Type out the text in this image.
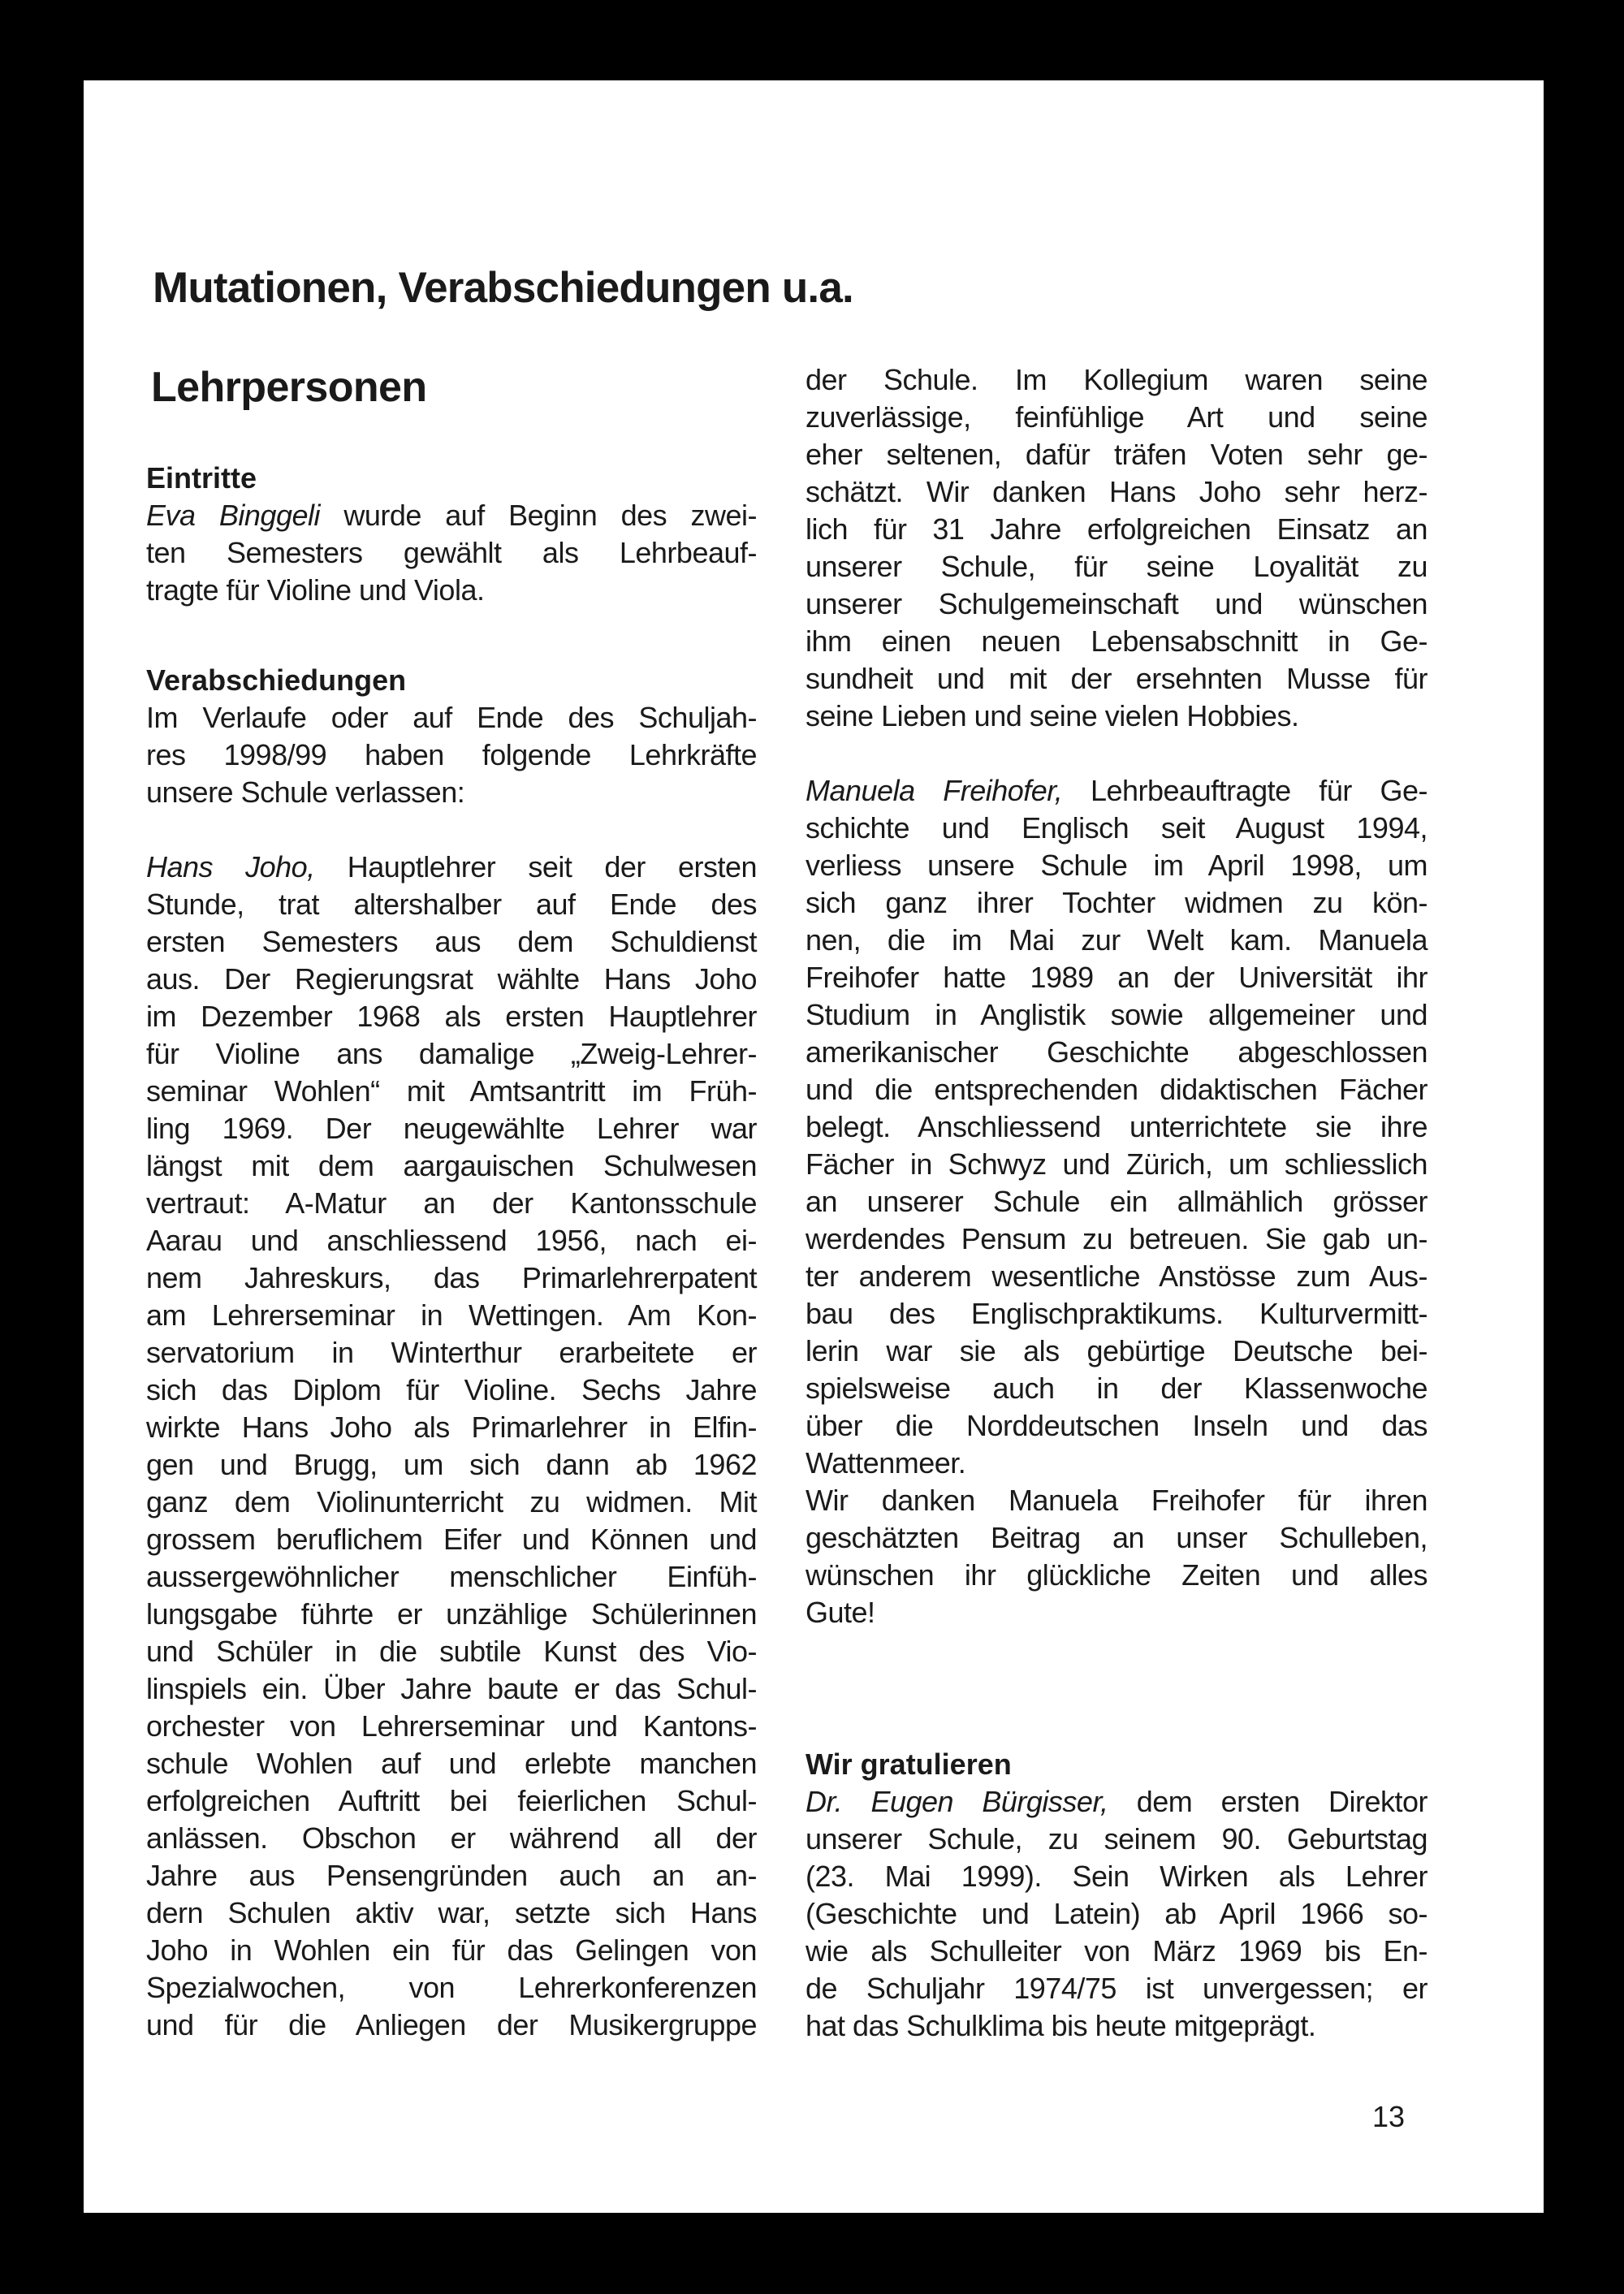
Mutationen, Verabschiedungen u.a.
Lehrpersonen
Eintritte
Eva Binggeli wurde auf Beginn des zwei-
ten Semesters gewählt als Lehrbeauf-
tragte für Violine und Viola.
Verabschiedungen
Im Verlaufe oder auf Ende des Schuljah-
res 1998/99 haben folgende Lehrkräfte
unsere Schule verlassen:
Hans Joho, Hauptlehrer seit der ersten
Stunde, trat altershalber auf Ende des
ersten Semesters aus dem Schuldienst
aus. Der Regierungsrat wählte Hans Joho
im Dezember 1968 als ersten Hauptlehrer
für Violine ans damalige „Zweig-Lehrer-
seminar Wohlen“ mit Amtsantritt im Früh-
ling 1969. Der neugewählte Lehrer war
längst mit dem aargauischen Schulwesen
vertraut: A-Matur an der Kantonsschule
Aarau und anschliessend 1956, nach ei-
nem Jahreskurs, das Primarlehrerpatent
am Lehrerseminar in Wettingen. Am Kon-
servatorium in Winterthur erarbeitete er
sich das Diplom für Violine. Sechs Jahre
wirkte Hans Joho als Primarlehrer in Elfin-
gen und Brugg, um sich dann ab 1962
ganz dem Violinunterricht zu widmen. Mit
grossem beruflichem Eifer und Können und
aussergewöhnlicher menschlicher Einfüh-
lungsgabe führte er unzählige Schülerinnen
und Schüler in die subtile Kunst des Vio-
linspiels ein. Über Jahre baute er das Schul-
orchester von Lehrerseminar und Kantons-
schule Wohlen auf und erlebte manchen
erfolgreichen Auftritt bei feierlichen Schul-
anlässen. Obschon er während all der
Jahre aus Pensengründen auch an an-
dern Schulen aktiv war, setzte sich Hans
Joho in Wohlen ein für das Gelingen von
Spezialwochen, von Lehrerkonferenzen
und für die Anliegen der Musikergruppe
der Schule. Im Kollegium waren seine
zuverlässige, feinfühlige Art und seine
eher seltenen, dafür träfen Voten sehr ge-
schätzt. Wir danken Hans Joho sehr herz-
lich für 31 Jahre erfolgreichen Einsatz an
unserer Schule, für seine Loyalität zu
unserer Schulgemeinschaft und wünschen
ihm einen neuen Lebensabschnitt in Ge-
sundheit und mit der ersehnten Musse für
seine Lieben und seine vielen Hobbies.
Manuela Freihofer, Lehrbeauftragte für Ge-
schichte und Englisch seit August 1994,
verliess unsere Schule im April 1998, um
sich ganz ihrer Tochter widmen zu kön-
nen, die im Mai zur Welt kam. Manuela
Freihofer hatte 1989 an der Universität ihr
Studium in Anglistik sowie allgemeiner und
amerikanischer Geschichte abgeschlossen
und die entsprechenden didaktischen Fächer
belegt. Anschliessend unterrichtete sie ihre
Fächer in Schwyz und Zürich, um schliesslich
an unserer Schule ein allmählich grösser
werdendes Pensum zu betreuen. Sie gab un-
ter anderem wesentliche Anstösse zum Aus-
bau des Englischpraktikums. Kulturvermitt-
lerin war sie als gebürtige Deutsche bei-
spielsweise auch in der Klassenwoche
über die Norddeutschen Inseln und das
Wattenmeer.
Wir danken Manuela Freihofer für ihren
geschätzten Beitrag an unser Schulleben,
wünschen ihr glückliche Zeiten und alles
Gute!
Wir gratulieren
Dr. Eugen Bürgisser, dem ersten Direktor
unserer Schule, zu seinem 90. Geburtstag
(23. Mai 1999). Sein Wirken als Lehrer
(Geschichte und Latein) ab April 1966 so-
wie als Schulleiter von März 1969 bis En-
de Schuljahr 1974/75 ist unvergessen; er
hat das Schulklima bis heute mitgeprägt.
13
